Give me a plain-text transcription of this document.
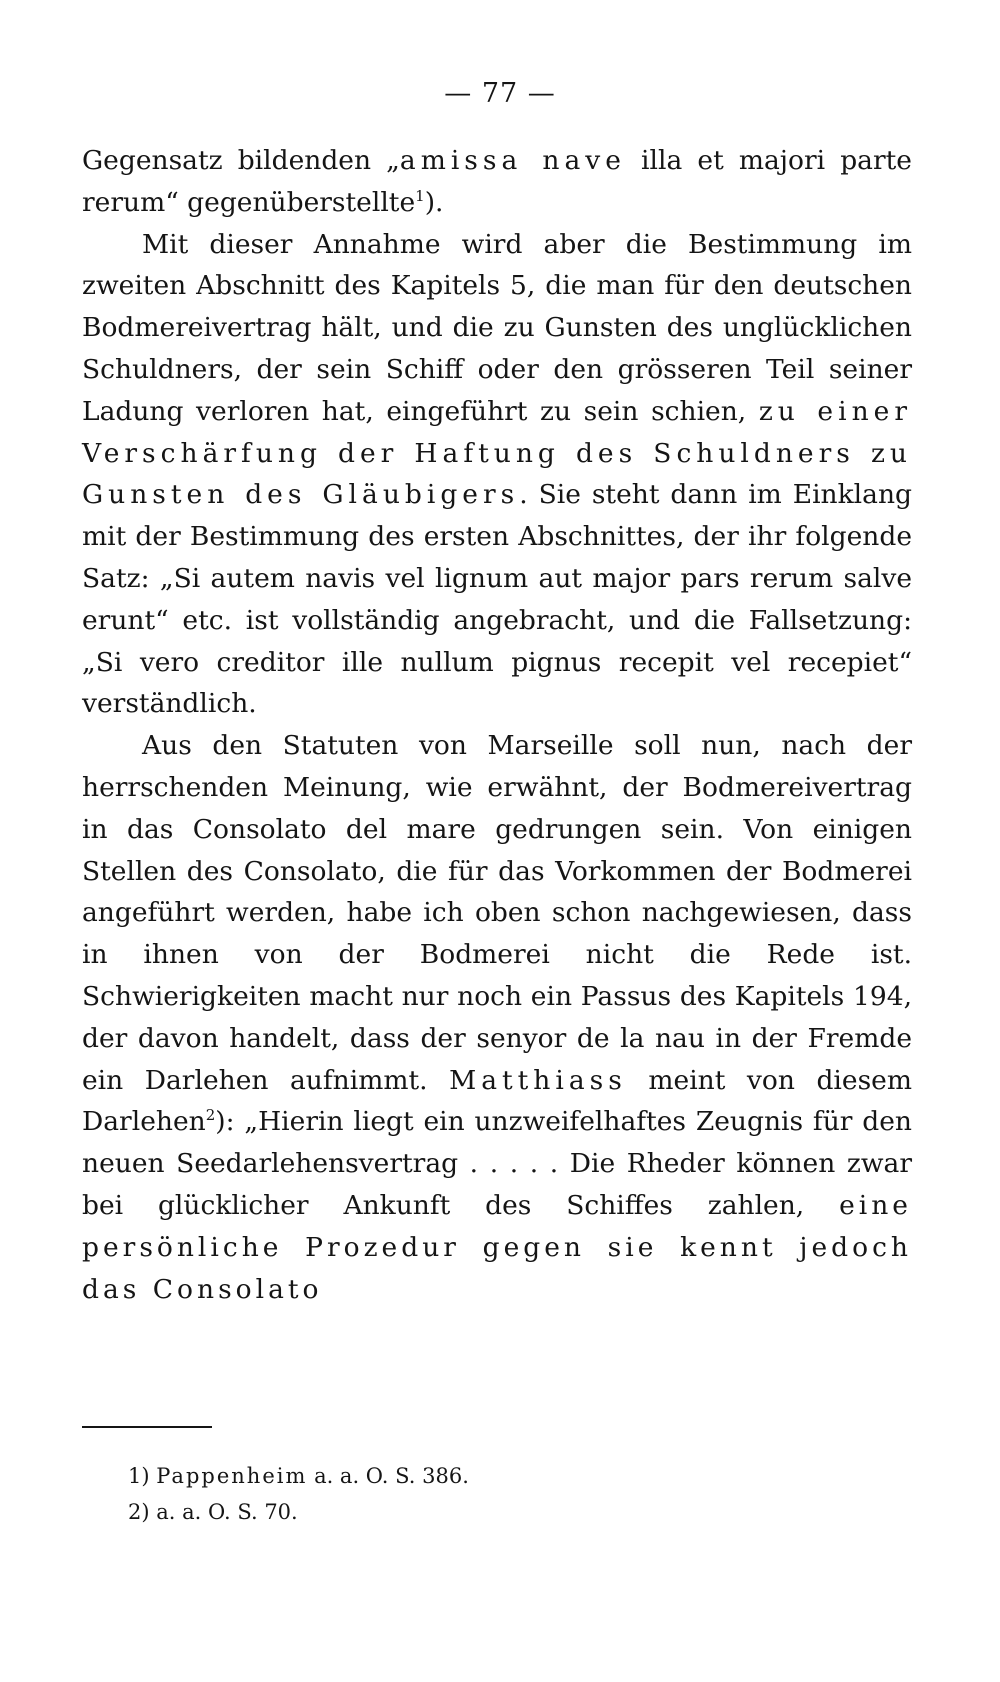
— 77 —

Gegensatz bildenden „amissa nave illa et majori parte rerum“ gegenüberstellte$^1$).

Mit dieser Annahme wird aber die Bestimmung im zweiten Abschnitt des Kapitels 5, die man für den deutschen Bodmereivertrag hält, und die zu Gunsten des unglücklichen Schuldners, der sein Schiff oder den grösseren Teil seiner Ladung verloren hat, eingeführt zu sein schien, zu einer Verschärfung der Haftung des Schuldners zu Gunsten des Gläubigers. Sie steht dann im Einklang mit der Bestimmung des ersten Abschnittes, der ihr folgende Satz: „Si autem navis vel lignum aut major pars rerum salve erunt“ etc. ist vollständig angebracht, und die Fallsetzung: „Si vero creditor ille nullum pignus recepit vel recepiet“ verständlich.

Aus den Statuten von Marseille soll nun, nach der herrschenden Meinung, wie erwähnt, der Bodmereivertrag in das Consolato del mare gedrungen sein. Von einigen Stellen des Consolato, die für das Vorkommen der Bodmerei angeführt werden, habe ich oben schon nachgewiesen, dass in ihnen von der Bodmerei nicht die Rede ist. Schwierigkeiten macht nur noch ein Passus des Kapitels 194, der davon handelt, dass der senyor de la nau in der Fremde ein Darlehen aufnimmt. Matthiass meint von diesem Darlehen$^2$): „Hierin liegt ein unzweifelhaftes Zeugnis für den neuen Seedarlehensvertrag . . . . . Die Rheder können zwar bei glücklicher Ankunft des Schiffes zahlen, eine persönliche Prozedur gegen sie kennt jedoch das Consolato

1) Pappenheim a. a. O. S. 386.

2) a. a. O. S. 70.
